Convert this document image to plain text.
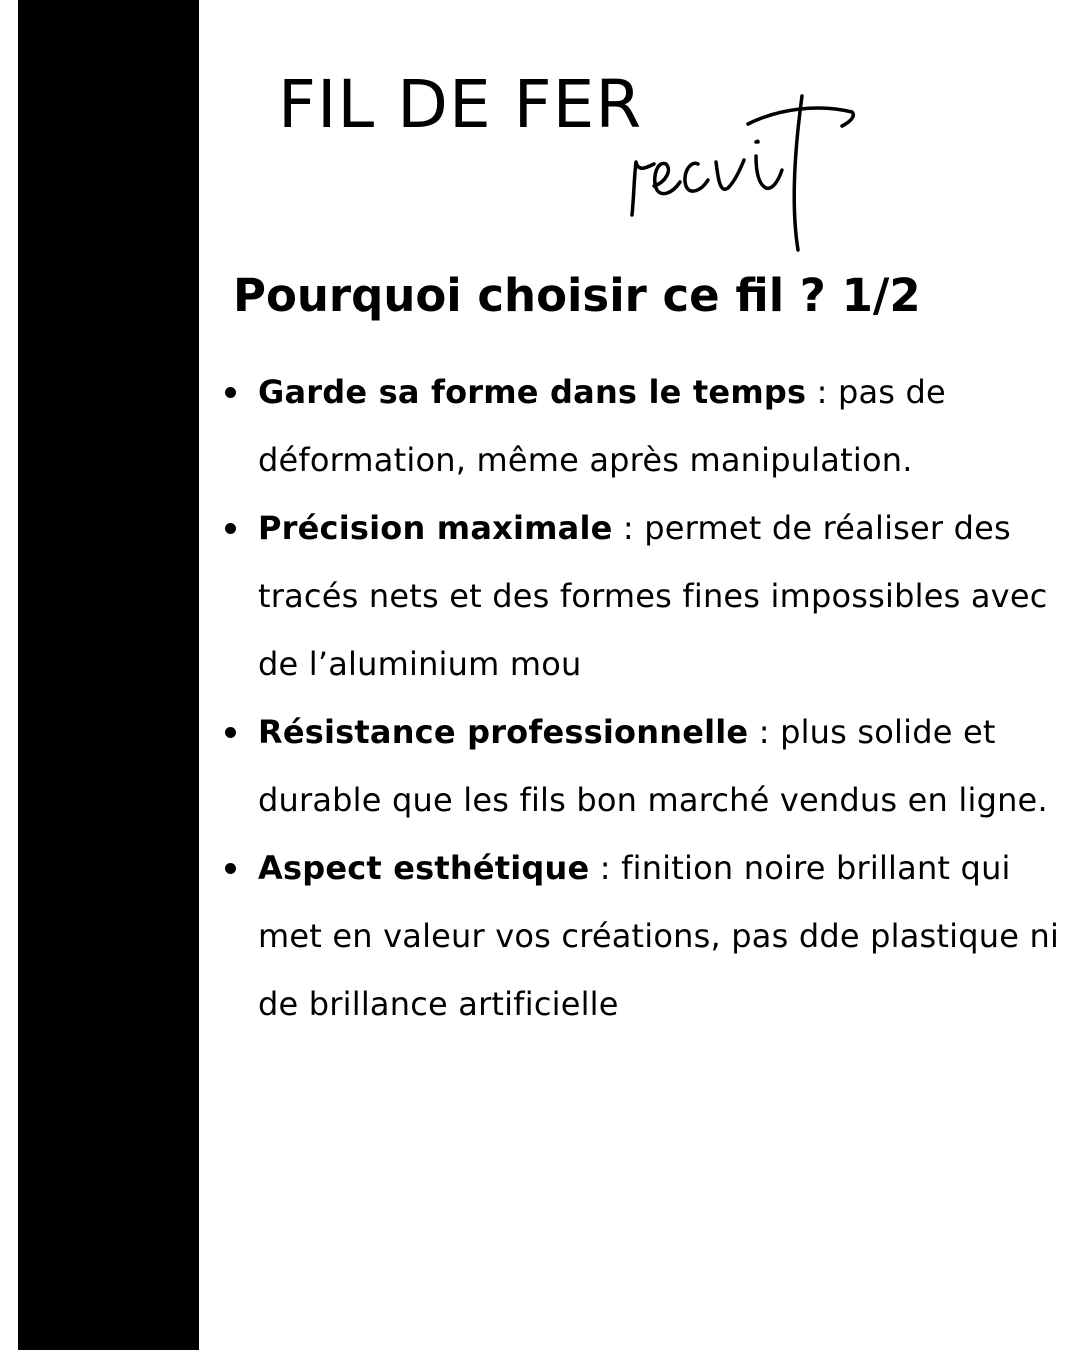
FIL DE FER
Pourquoi choisir ce fil ? 1/2
Garde sa forme dans le temps : pas de déformation, même après manipulation.
Précision maximale : permet de réaliser des tracés nets et des formes fines impossibles avec de l’aluminium mou
Résistance professionnelle : plus solide et durable que les fils bon marché vendus en ligne.
Aspect esthétique : finition noire brillant qui met en valeur vos créations, pas dde plastique ni de brillance artificielle
